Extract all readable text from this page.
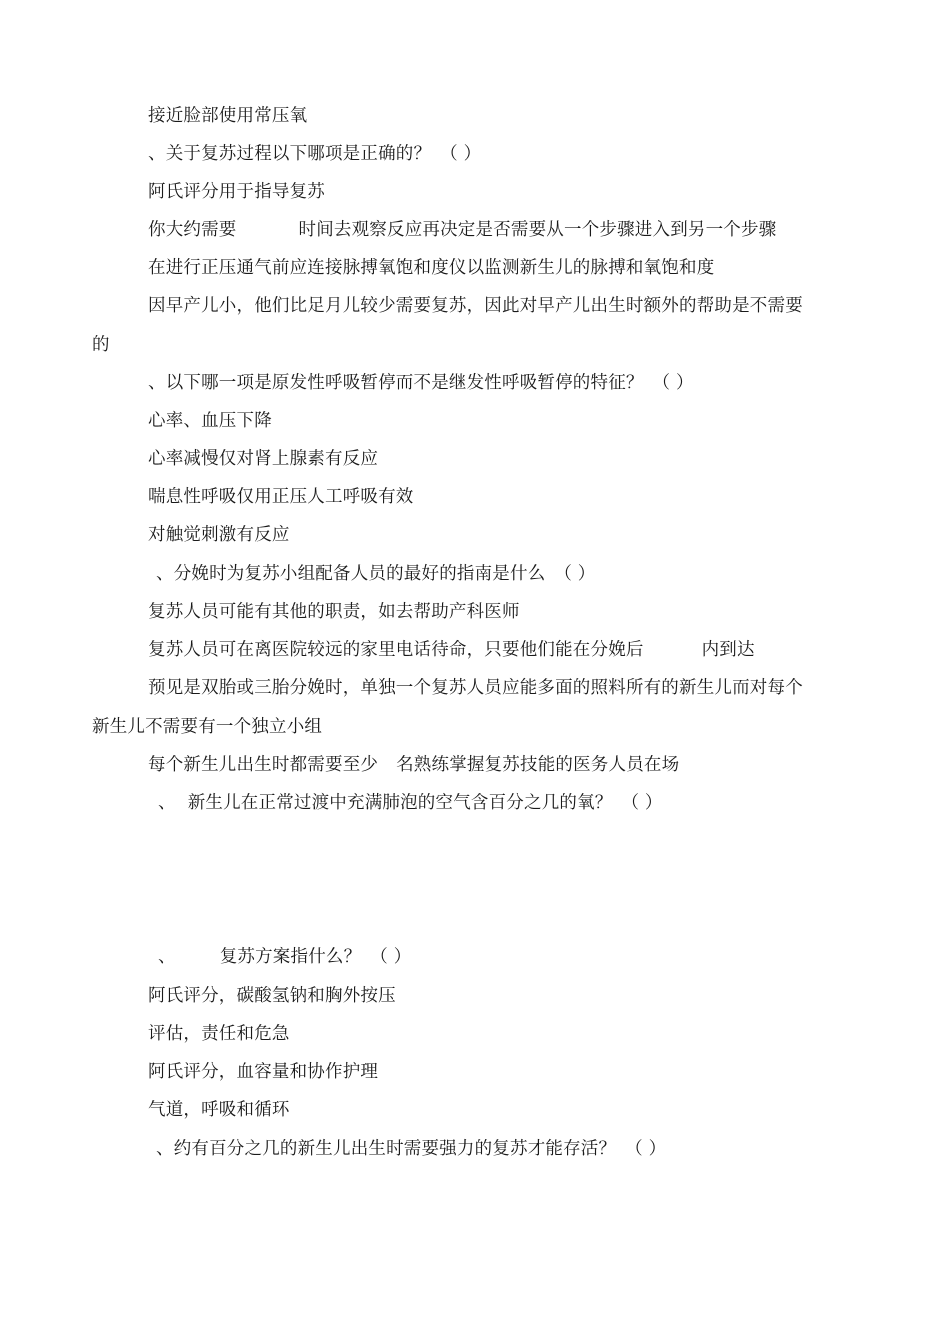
接近脸部使用常压氧
、关于复苏过程以下哪项是正确的？　（ ）
阿氏评分用于指导复苏
你大约需要	时间去观察反应再决定是否需要从一个步骤进入到另一个步骤
在进行正压通气前应连接脉搏氧饱和度仪以监测新生儿的脉搏和氧饱和度
因早产儿小，他们比足月儿较少需要复苏，因此对早产儿出生时额外的帮助是不需要
的
、以下哪一项是原发性呼吸暂停而不是继发性呼吸暂停的特征？　（ ）
心率、血压下降
心率减慢仅对肾上腺素有反应
喘息性呼吸仅用正压人工呼吸有效
对触觉刺激有反应
、分娩时为复苏小组配备人员的最好的指南是什么　（ ）
复苏人员可能有其他的职责，如去帮助产科医师
复苏人员可在离医院较远的家里电话待命，只要他们能在分娩后	内到达
预见是双胎或三胎分娩时，单独一个复苏人员应能多面的照料所有的新生儿而对每个
新生儿不需要有一个独立小组
每个新生儿出生时都需要至少 名熟练掌握复苏技能的医务人员在场
、 新生儿在正常过渡中充满肺泡的空气含百分之几的氧？　（ ）
、	复苏方案指什么？　（ ）
阿氏评分，碳酸氢钠和胸外按压
评估，责任和危急
阿氏评分，血容量和协作护理
气道，呼吸和循环
、约有百分之几的新生儿出生时需要强力的复苏才能存活？　（ ）
